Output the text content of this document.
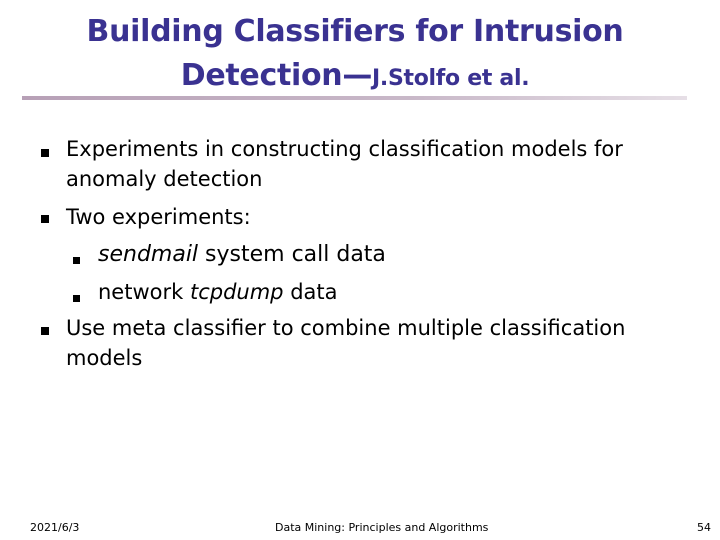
Building Classifiers for Intrusion
Detection—J.Stolfo et al.
Experiments in constructing classification models for anomaly detection
Two experiments:
sendmail system call data
network tcpdump data
Use meta classifier to combine multiple classification models
2021/6/3	Data Mining: Principles and Algorithms	54
